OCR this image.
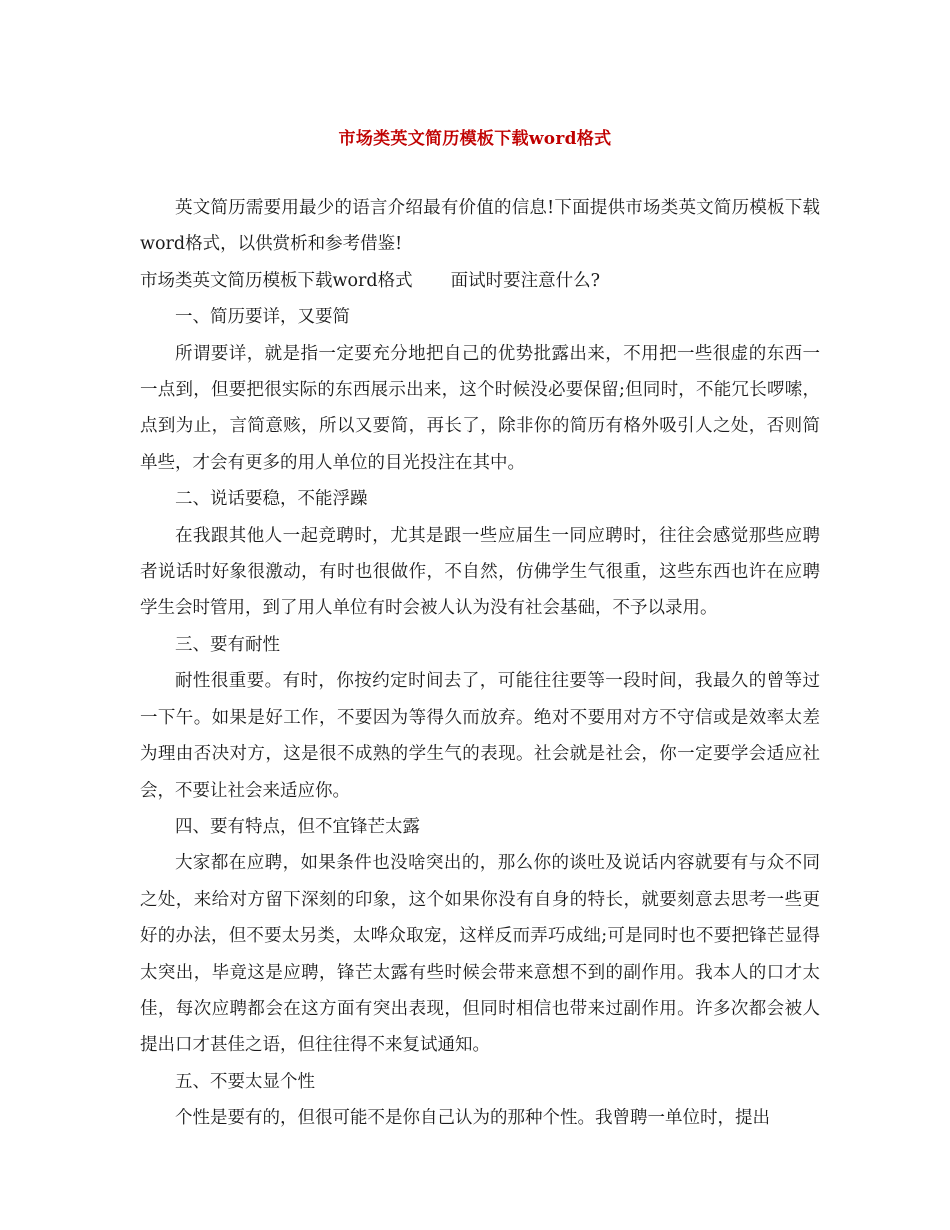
市场类英文简历模板下载word格式

英文简历需要用最少的语言介绍最有价值的信息!下面提供市场类英文简历模板下载word格式，以供赏析和参考借鉴!

市场类英文简历模板下载word格式 面试时要注意什么?

一、简历要详，又要简

所谓要详，就是指一定要充分地把自己的优势批露出来，不用把一些很虚的东西一一点到，但要把很实际的东西展示出来，这个时候没必要保留;但同时，不能冗长啰嗦，点到为止，言简意赅，所以又要简，再长了，除非你的简历有格外吸引人之处，否则简单些，才会有更多的用人单位的目光投注在其中。

二、说话要稳，不能浮躁

在我跟其他人一起竞聘时，尤其是跟一些应届生一同应聘时，往往会感觉那些应聘者说话时好象很激动，有时也很做作，不自然，仿佛学生气很重，这些东西也许在应聘学生会时管用，到了用人单位有时会被人认为没有社会基础，不予以录用。

三、要有耐性

耐性很重要。有时，你按约定时间去了，可能往往要等一段时间，我最久的曾等过一下午。如果是好工作，不要因为等得久而放弃。绝对不要用对方不守信或是效率太差为理由否决对方，这是很不成熟的学生气的表现。社会就是社会，你一定要学会适应社会，不要让社会来适应你。

四、要有特点，但不宜锋芒太露

大家都在应聘，如果条件也没啥突出的，那么你的谈吐及说话内容就要有与众不同之处，来给对方留下深刻的印象，这个如果你没有自身的特长，就要刻意去思考一些更好的办法，但不要太另类，太哗众取宠，这样反而弄巧成绌;可是同时也不要把锋芒显得太突出，毕竟这是应聘，锋芒太露有些时候会带来意想不到的副作用。我本人的口才太佳，每次应聘都会在这方面有突出表现，但同时相信也带来过副作用。许多次都会被人提出口才甚佳之语，但往往得不来复试通知。

五、不要太显个性

个性是要有的，但很可能不是你自己认为的那种个性。我曾聘一单位时，提出
